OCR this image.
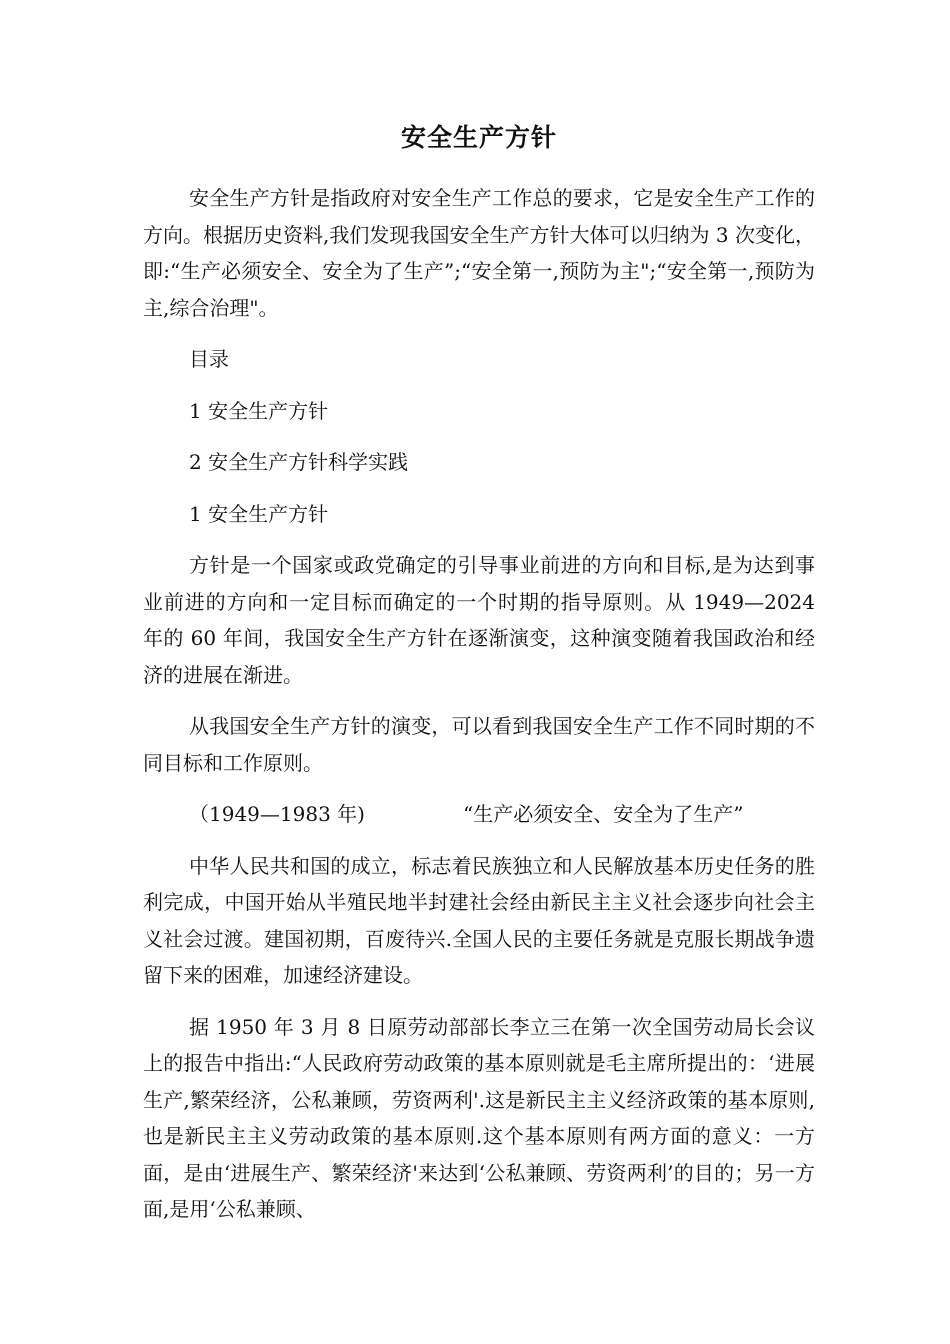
安全生产方针

安全生产方针是指政府对安全生产工作总的要求，它是安全生产工作的方向。根据历史资料,我们发现我国安全生产方针大体可以归纳为 3 次变化，即:“生产必须安全、安全为了生产”;“安全第一,预防为主";“安全第一,预防为主,综合治理"。

目录

1 安全生产方针

2 安全生产方针科学实践

1 安全生产方针

方针是一个国家或政党确定的引导事业前进的方向和目标,是为达到事业前进的方向和一定目标而确定的一个时期的指导原则。从 1949—2024 年的 60 年间，我国安全生产方针在逐渐演变，这种演变随着我国政治和经济的进展在渐进。

从我国安全生产方针的演变，可以看到我国安全生产工作不同时期的不同目标和工作原则。

（1949—1983 年)	“生产必须安全、安全为了生产”

中华人民共和国的成立，标志着民族独立和人民解放基本历史任务的胜利完成，中国开始从半殖民地半封建社会经由新民主主义社会逐步向社会主义社会过渡。建国初期，百废待兴.全国人民的主要任务就是克服长期战争遗留下来的困难，加速经济建设。

据 1950 年 3 月 8 日原劳动部部长李立三在第一次全国劳动局长会议上的报告中指出:“人民政府劳动政策的基本原则就是毛主席所提出的：‘进展生产,繁荣经济，公私兼顾，劳资两利'.这是新民主主义经济政策的基本原则,也是新民主主义劳动政策的基本原则.这个基本原则有两方面的意义：一方面，是由‘进展生产、繁荣经济'来达到‘公私兼顾、劳资两利’的目的；另一方面,是用‘公私兼顾、
